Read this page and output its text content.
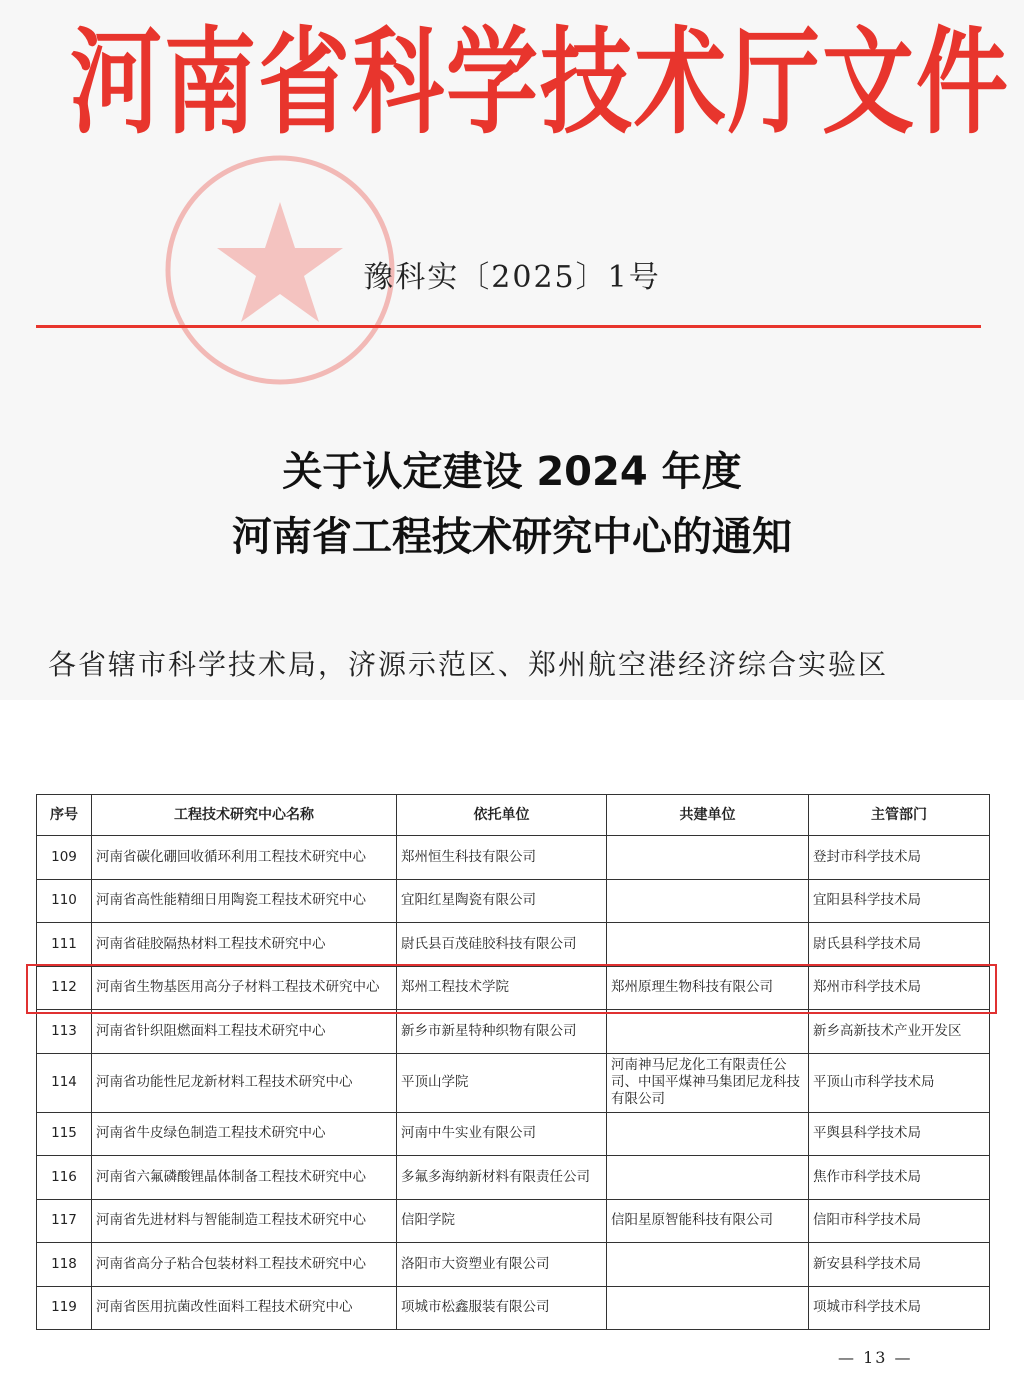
河南省科学技术厅文件
豫科实〔2025〕1号
关于认定建设 2024 年度
河南省工程技术研究中心的通知
各省辖市科学技术局，济源示范区、郑州航空港经济综合实验区
序号	工程技术研究中心名称	依托单位	共建单位	主管部门
109	河南省碳化硼回收循环利用工程技术研究中心	郑州恒生科技有限公司		登封市科学技术局
110	河南省高性能精细日用陶瓷工程技术研究中心	宜阳红星陶瓷有限公司		宜阳县科学技术局
111	河南省硅胶隔热材料工程技术研究中心	尉氏县百茂硅胶科技有限公司		尉氏县科学技术局
112	河南省生物基医用高分子材料工程技术研究中心	郑州工程技术学院	郑州原理生物科技有限公司	郑州市科学技术局
113	河南省针织阻燃面料工程技术研究中心	新乡市新星特种织物有限公司		新乡高新技术产业开发区
114	河南省功能性尼龙新材料工程技术研究中心	平顶山学院	河南神马尼龙化工有限责任公司、中国平煤神马集团尼龙科技有限公司	平顶山市科学技术局
115	河南省牛皮绿色制造工程技术研究中心	河南中牛实业有限公司		平舆县科学技术局
116	河南省六氟磷酸锂晶体制备工程技术研究中心	多氟多海纳新材料有限责任公司		焦作市科学技术局
117	河南省先进材料与智能制造工程技术研究中心	信阳学院	信阳星原智能科技有限公司	信阳市科学技术局
118	河南省高分子粘合包装材料工程技术研究中心	洛阳市大资塑业有限公司		新安县科学技术局
119	河南省医用抗菌改性面料工程技术研究中心	项城市松鑫服装有限公司		项城市科学技术局
— 13 —
